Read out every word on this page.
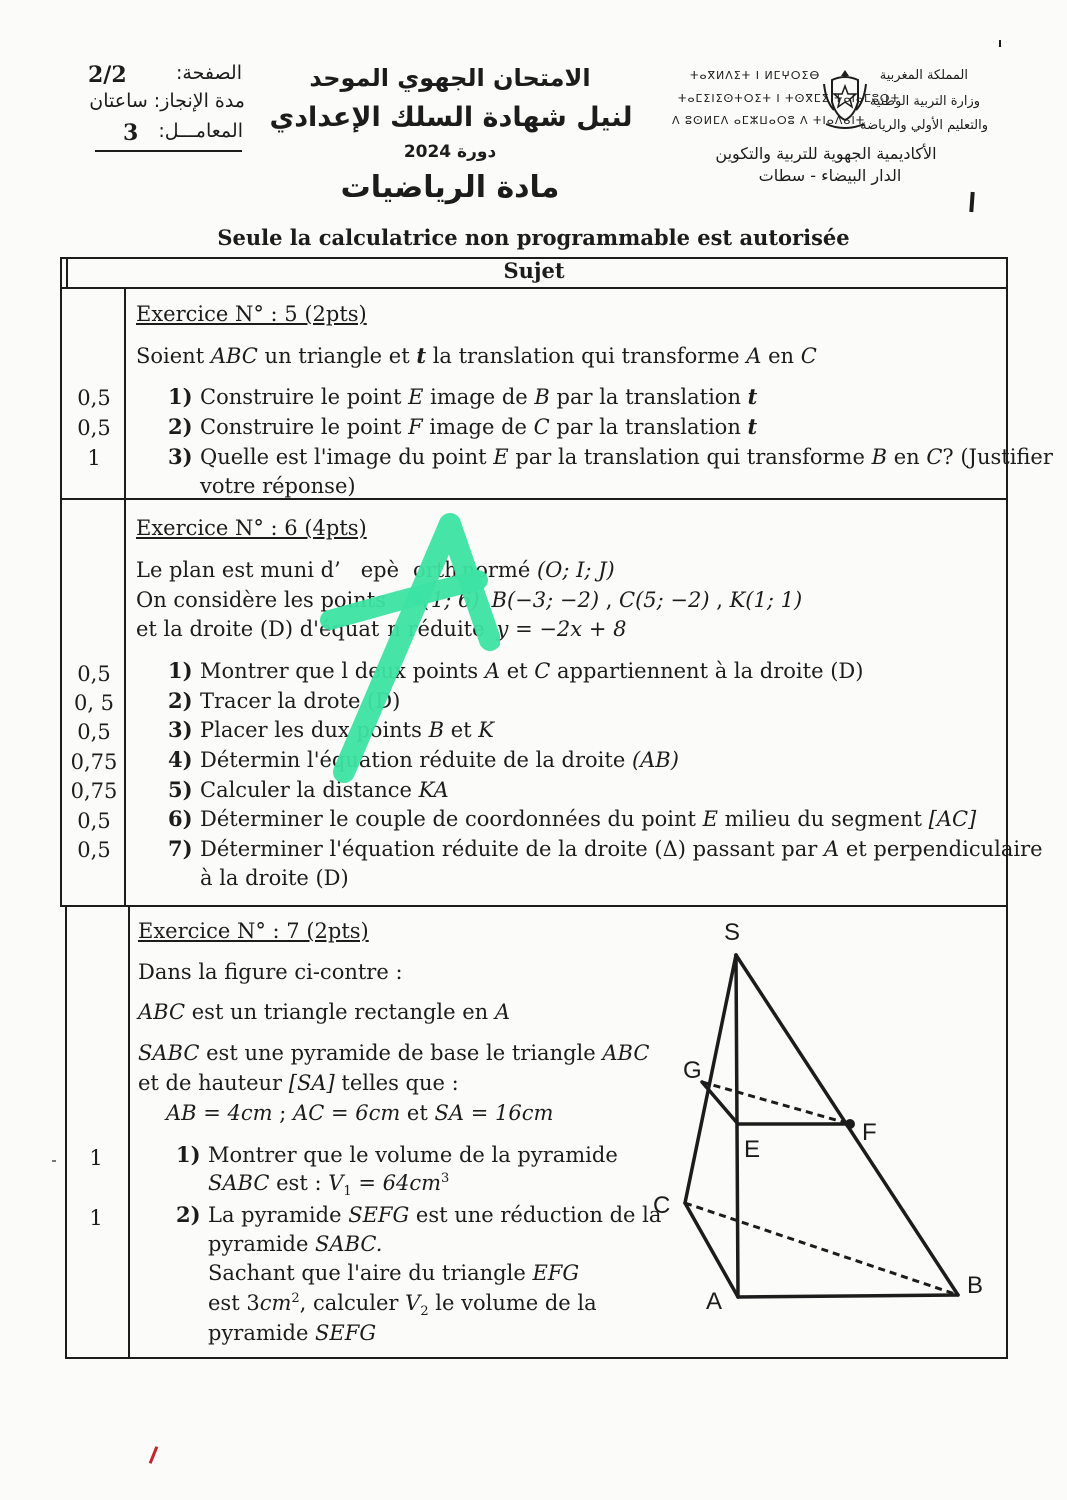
الصفحة:
2/2
مدة الإنجاز: ساعتان
المعامـــل:
3
الامتحان الجهوي الموحد
لنيل شهادة السلك الإعدادي
دورة 2024
مادة الرياضيات
ⵜⴰⴳⵍⴷⵉⵜ ⵏ ⵍⵎⵖⵔⵉⴱ
ⵜⴰⵎⵉⵏⵉⵙⵜⵔⵉⵜ ⵏ ⵜⵙⴳⵎⵉ ⵜⴰⵏⴰⵎⵓⵔⵜ
ⴷ ⵓⵙⵍⵎⴷ ⴰⵎⵣⵡⴰⵔⵓ ⴷ ⵜⵏⴰⴷⴰⵏⵜ
المملكة المغربية
وزارة التربية الوطنية
والتعليم الأولي والرياضة
الأكاديمية الجهوية للتربية والتكوين
الدار البيضاء - سطات
Seule la calculatrice non programmable est autorisée
Sujet
Exercice N° : 5 (2pts)
Soient ABC un triangle et t la translation qui transforme A en C
1) Construire le point E image de B par la translation t
2) Construire le point F image de C par la translation t
3) Quelle est l'image du point E par la translation qui transforme B en C? (Justifier
votre réponse)
0,5
0,5
1
Exercice N° : 6 (4pts)
Le plan est muni d’ epè orth normé (O; I; J)
On considère les points (1; 6) B(−3; −2) , C(5; −2) , K(1; 1)
et la droite (D) d'équat n réduite y = −2x + 8
1) Montrer que l deux points A et C appartiennent à la droite (D)
2) Tracer la drote (D)
3) Placer les dux points B et K
4) Détermin l'équation réduite de la droite (AB)
5) Calculer la distance KA
6) Déterminer le couple de coordonnées du point E milieu du segment [AC]
7) Déterminer l'équation réduite de la droite (Δ) passant par A et perpendiculaire
à la droite (D)
0,5
0, 5
0,5
0,75
0,75
0,5
0,5
Exercice N° : 7 (2pts)
Dans la figure ci-contre :
ABC est un triangle rectangle en A
SABC est une pyramide de base le triangle ABC
et de hauteur [SA] telles que :
AB = 4cm ; AC = 6cm et SA = 16cm
1) Montrer que le volume de la pyramide
SABC est : $V_1 = 64cm^3$
2) La pyramide SEFG est une réduction de la
pyramide SABC.
Sachant que l'aire du triangle EFG
est $3cm^2$, calculer $V_2$ le volume de la
pyramide SEFG
1
1
S
G
F
E
C
A
B
